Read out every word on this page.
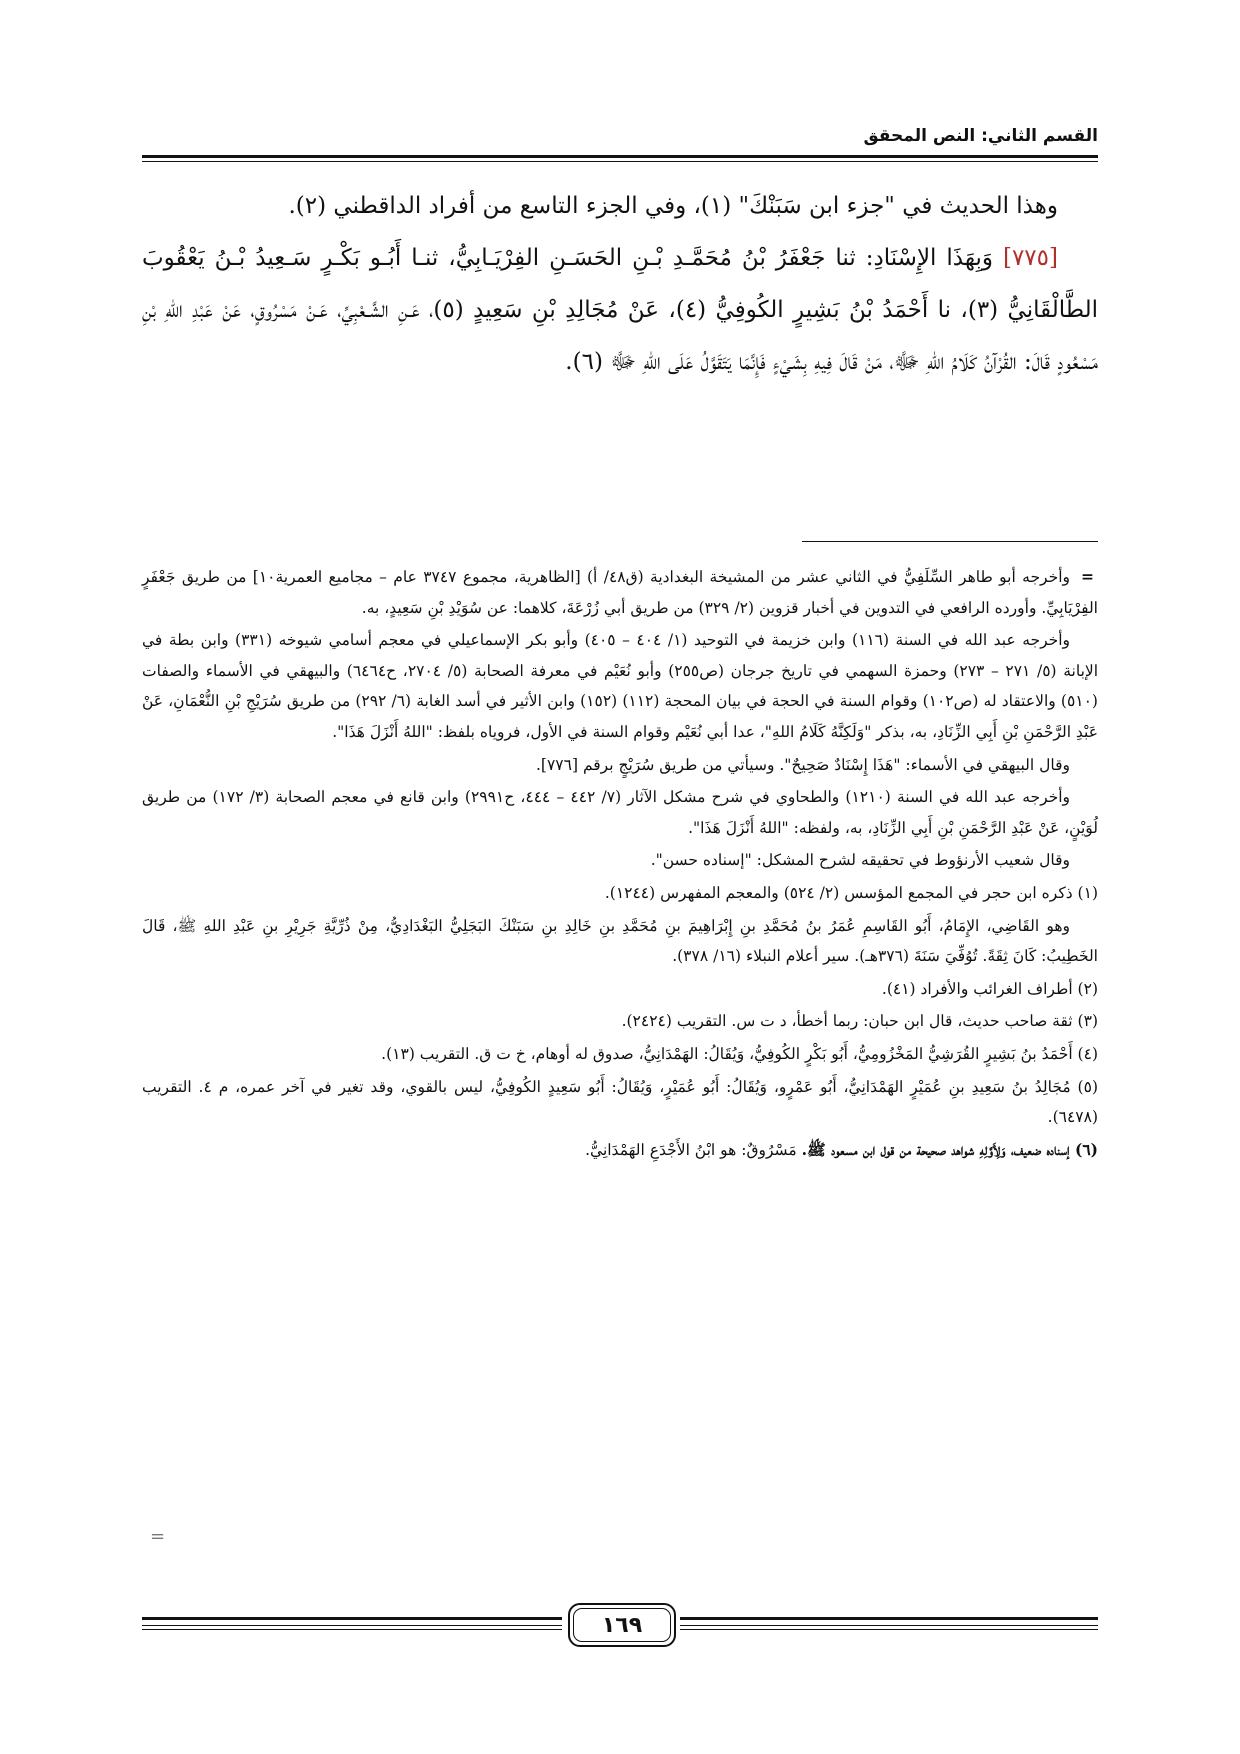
القسم الثاني: النص المحقق

وهذا الحديث في "جزء ابن سَبَنْكَ" (١)، وفي الجزء التاسع من أفراد الداقطني (٢).

[٧٧٥] وَبِهَذَا الإِسْنَادِ: ثنا جَعْفَرُ بْنُ مُحَمَّـدِ بْـنِ الحَسَـنِ الفِرْيَـابِيُّ، ثنـا أَبُـو بَكْـرٍ سَـعِيدُ بْـنُ يَعْقُوبَ الطَّالْقَانِيُّ (٣)، نا أَحْمَدُ بْنُ بَشِيرٍ الكُوفِيُّ (٤)، عَنْ مُجَالِدِ بْنِ سَعِيدٍ (٥)، عَـنِ الشَّـعْبِيِّ، عَـنْ مَسْرُوقٍ، عَنْ عَبْدِ اللهِ بْنِ مَسْعُودٍ قَالَ: القُرْآنُ كَلَامُ اللهِ ﷻ، مَنْ قَالَ فِيهِ بِشَيْءٍ فَإِنَّمَا يَتَقَوَّلُ عَلَى اللهِ ﷻ (٦).

=
وأخرجه أبو طاهر السِّلَفِيُّ في الثاني عشر من المشيخة البغدادية (ق٤٨/ أ) [الظاهرية، مجموع ٣٧٤٧ عام – مجاميع العمرية١٠] من طريق جَعْفَرٍ الفِرْيَابِيِّ. وأورده الرافعي في التدوين في أخبار قزوين (٢/ ٣٢٩) من طريق أبي زُرْعَةَ، كلاهما: عن سُوَيْدِ بْنِ سَعِيدٍ، به.

وأخرجه عبد الله في السنة (١١٦) وابن خزيمة في التوحيد (١/ ٤٠٤ – ٤٠٥) وأبو بكر الإسماعيلي في معجم أسامي شيوخه (٣٣١) وابن بطة في الإبانة (٥/ ٢٧١ – ٢٧٣) وحمزة السهمي في تاريخ جرجان (ص٢٥٥) وأبو نُعَيْم في معرفة الصحابة (٥/ ٢٧٠٤، ح٦٤٦٤) والبيهقي في الأسماء والصفات (٥١٠) والاعتقاد له (ص١٠٢) وقوام السنة في الحجة في بيان المحجة (١١٢) (١٥٢) وابن الأثير في أسد الغابة (٦/ ٢٩٢) من طريق سُرَيْجِ بْنِ النُّعْمَانِ، عَنْ عَبْدِ الرَّحْمَنِ بْنِ أَبِي الزِّنَادِ، به، بذكر "وَلَكِنَّهُ كَلَامُ اللهِ"، عدا أبي نُعَيْم وقوام السنة في الأول، فروياه بلفظ: "اللهُ أَنْزَلَ هَذَا".

وقال البيهقي في الأسماء: "هَذَا إِسْنَادٌ صَحِيحٌ". وسيأتي من طريق سُرَيْجٍ برقم [٧٧٦].

وأخرجه عبد الله في السنة (١٢١٠) والطحاوي في شرح مشكل الآثار (٧/ ٤٤٢ – ٤٤٤، ح٢٩٩١) وابن قانع في معجم الصحابة (٣/ ١٧٢) من طريق لُوَيْنٍ، عَنْ عَبْدِ الرَّحْمَنِ بْنِ أَبِي الزِّنَادِ، به، ولفظه: "اللهُ أَنْزَلَ هَذَا".

وقال شعيب الأرنؤوط في تحقيقه لشرح المشكل: "إسناده حسن".

(١) ذكره ابن حجر في المجمع المؤسس (٢/ ٥٢٤) والمعجم المفهرس (١٢٤٤).

وهو القَاضِي، الإِمَامُ، أَبُو القَاسِمِ عُمَرُ بنُ مُحَمَّدِ بنِ إِبْرَاهِيمَ بنِ مُحَمَّدِ بنِ خَالِدِ بنِ سَبَنْكَ البَجَلِيُّ البَغْدَادِيُّ، مِنْ ذُرِّيَّةِ جَرِيْرِ بنِ عَبْدِ اللهِ ﷺ، قَالَ الخَطِيبُ: كَانَ ثِقَةً. تُوُفِّيَ سَنَةَ (٣٧٦هـ). سير أعلام النبلاء (١٦/ ٣٧٨).

(٢) أطراف الغرائب والأفراد (٤١).

(٣) ثقة صاحب حديث، قال ابن حبان: ربما أخطأ، د ت س. التقريب (٢٤٢٤).

(٤) أَحْمَدُ بنُ بَشِيرٍ القُرَشِيُّ المَخْزُومِيُّ، أَبُو بَكْرٍ الكُوفِيُّ، وَيُقَالُ: الهَمْدَانِيُّ، صدوق له أوهام، خ ت ق. التقريب (١٣).

(٥) مُجَالِدُ بنُ سَعِيدِ بنِ عُمَيْرٍ الهَمْدَانِيُّ، أَبُو عَمْرٍو، وَيُقَالُ: أَبُو عُمَيْرٍ، وَيُقَالُ: أَبُو سَعِيدٍ الكُوفِيُّ، ليس بالقوي، وقد تغير في آخر عمره، م ٤. التقريب (٦٤٧٨).

(٦) إسناده ضعيف، وَلِأَوَّلِهِ شواهد صحيحة من قول ابن مسعود ﷺ. مَسْرُوقٌ: هو ابْنُ الأَجْدَعِ الهَمْدَانِيُّ.

=
١٦٩
